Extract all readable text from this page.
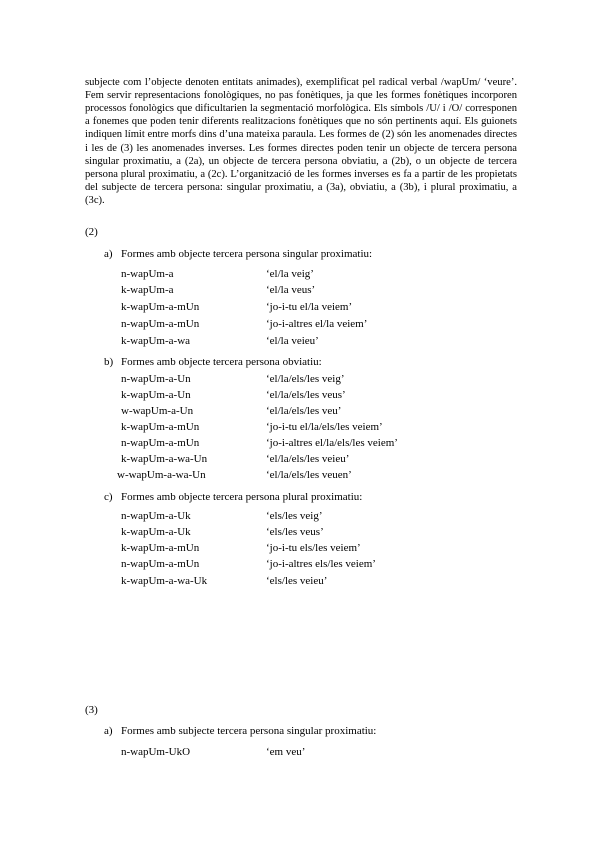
subjecte com l’objecte denoten entitats animades), exemplificat pel radical verbal /wapUm/ ‘veure’. Fem servir representacions fonològiques, no pas fonètiques, ja que les formes fonètiques incorporen processos fonològics que dificultarien la segmentació morfològica. Els símbols /U/ i /O/ corresponen a fonemes que poden tenir diferents realitzacions fonètiques que no són pertinents aquí. Els guionets indiquen límit entre morfs dins d’una mateixa paraula. Les formes de (2) són les anomenades directes i les de (3) les anomenades inverses. Les formes directes poden tenir un objecte de tercera persona singular proximatiu, a (2a), un objecte de tercera persona obviatiu, a (2b), o un objecte de tercera persona plural proximatiu, a (2c). L’organització de les formes inverses es fa a partir de les propietats del subjecte de tercera persona: singular proximatiu, a (3a), obviatiu, a (3b), i plural proximatiu, a (3c).

(2)
a) Formes amb objecte tercera persona singular proximatiu:
n-wapUm-a	‘el/la veig’
k-wapUm-a	‘el/la veus’
k-wapUm-a-mUn	‘jo-i-tu el/la veiem’
n-wapUm-a-mUn	‘jo-i-altres el/la veiem’
k-wapUm-a-wa	‘el/la veieu’
b) Formes amb objecte tercera persona obviatiu:
n-wapUm-a-Un	‘el/la/els/les veig’
k-wapUm-a-Un	‘el/la/els/les veus’
w-wapUm-a-Un	‘el/la/els/les veu’
k-wapUm-a-mUn	‘jo-i-tu el/la/els/les veiem’
n-wapUm-a-mUn	‘jo-i-altres el/la/els/les veiem’
k-wapUm-a-wa-Un	‘el/la/els/les veieu’
w-wapUm-a-wa-Un	‘el/la/els/les veuen’
c) Formes amb objecte tercera persona plural proximatiu:
n-wapUm-a-Uk	‘els/les veig’
k-wapUm-a-Uk	‘els/les veus’
k-wapUm-a-mUn	‘jo-i-tu els/les veiem’
n-wapUm-a-mUn	‘jo-i-altres els/les veiem’
k-wapUm-a-wa-Uk	‘els/les veieu’
(3)
a) Formes amb subjecte tercera persona singular proximatiu:
n-wapUm-UkO	‘em veu’
